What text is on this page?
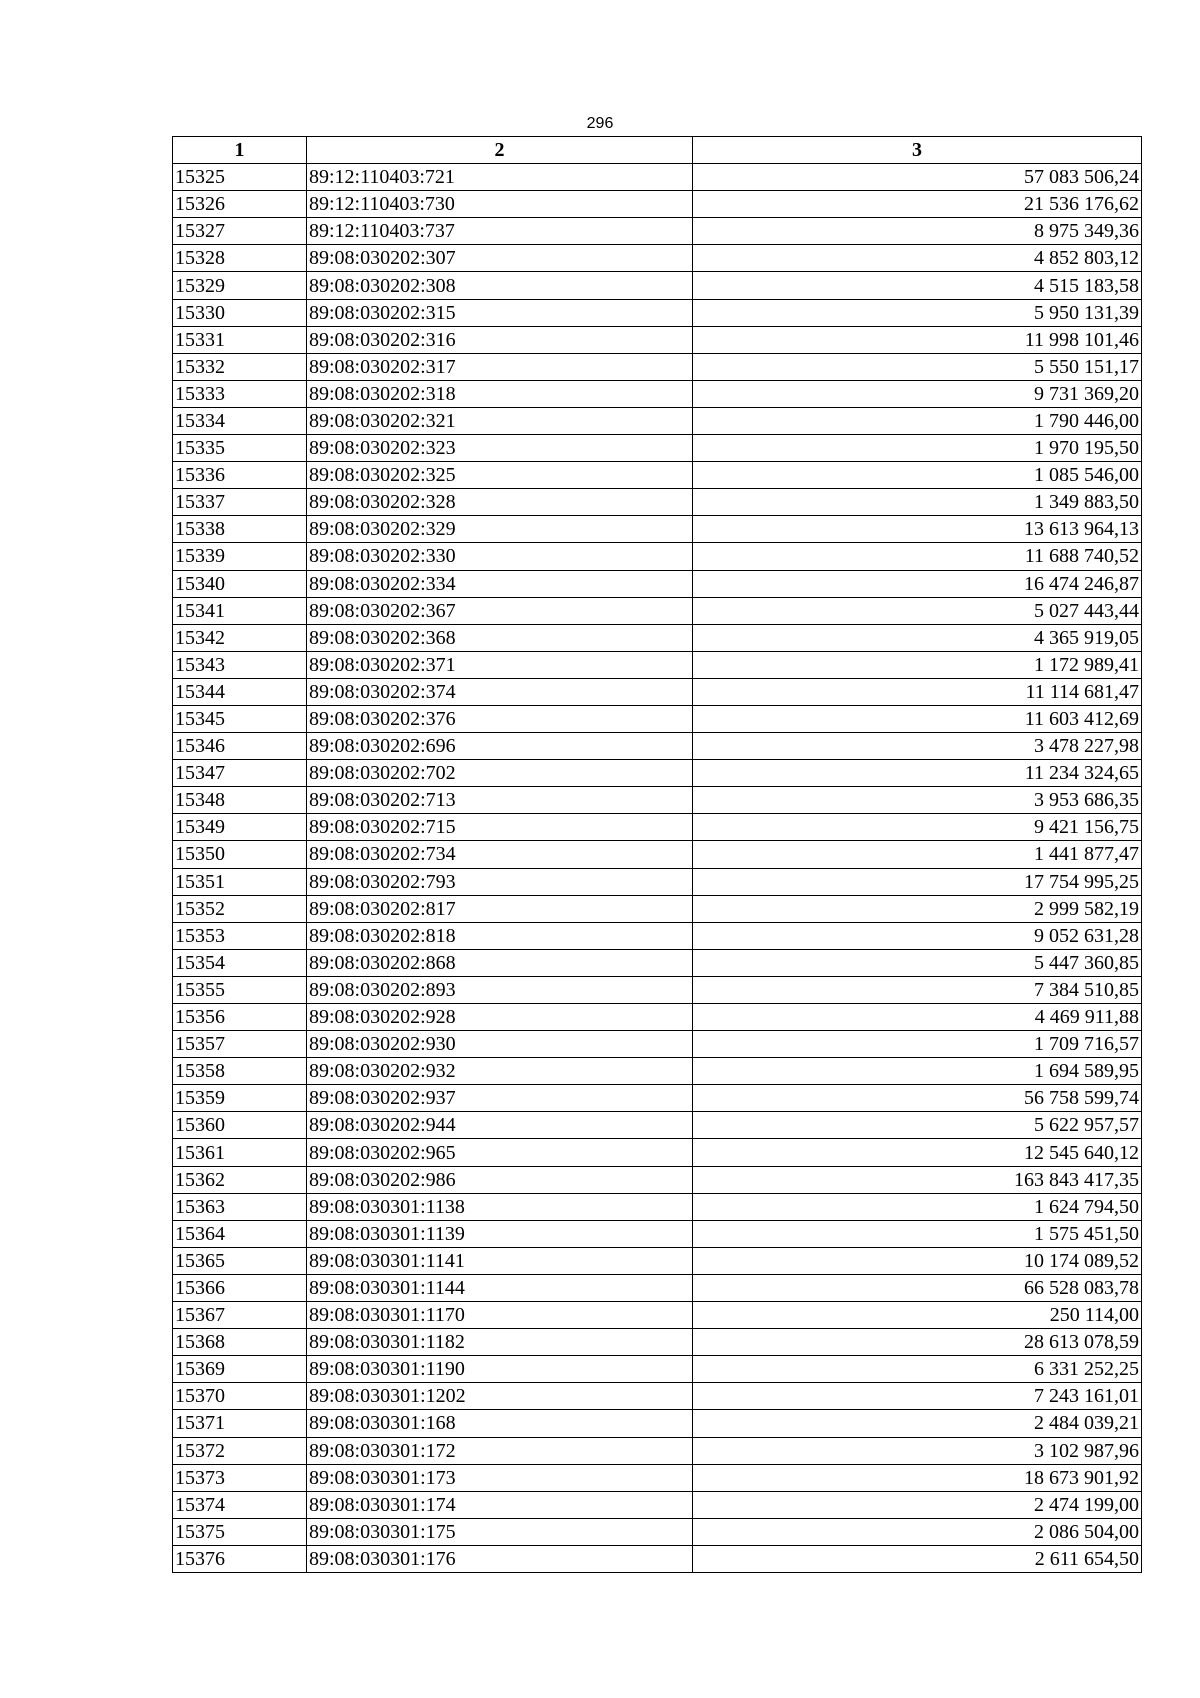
296
1	2	3
15325	89:12:110403:721	57 083 506,24
15326	89:12:110403:730	21 536 176,62
15327	89:12:110403:737	8 975 349,36
15328	89:08:030202:307	4 852 803,12
15329	89:08:030202:308	4 515 183,58
15330	89:08:030202:315	5 950 131,39
15331	89:08:030202:316	11 998 101,46
15332	89:08:030202:317	5 550 151,17
15333	89:08:030202:318	9 731 369,20
15334	89:08:030202:321	1 790 446,00
15335	89:08:030202:323	1 970 195,50
15336	89:08:030202:325	1 085 546,00
15337	89:08:030202:328	1 349 883,50
15338	89:08:030202:329	13 613 964,13
15339	89:08:030202:330	11 688 740,52
15340	89:08:030202:334	16 474 246,87
15341	89:08:030202:367	5 027 443,44
15342	89:08:030202:368	4 365 919,05
15343	89:08:030202:371	1 172 989,41
15344	89:08:030202:374	11 114 681,47
15345	89:08:030202:376	11 603 412,69
15346	89:08:030202:696	3 478 227,98
15347	89:08:030202:702	11 234 324,65
15348	89:08:030202:713	3 953 686,35
15349	89:08:030202:715	9 421 156,75
15350	89:08:030202:734	1 441 877,47
15351	89:08:030202:793	17 754 995,25
15352	89:08:030202:817	2 999 582,19
15353	89:08:030202:818	9 052 631,28
15354	89:08:030202:868	5 447 360,85
15355	89:08:030202:893	7 384 510,85
15356	89:08:030202:928	4 469 911,88
15357	89:08:030202:930	1 709 716,57
15358	89:08:030202:932	1 694 589,95
15359	89:08:030202:937	56 758 599,74
15360	89:08:030202:944	5 622 957,57
15361	89:08:030202:965	12 545 640,12
15362	89:08:030202:986	163 843 417,35
15363	89:08:030301:1138	1 624 794,50
15364	89:08:030301:1139	1 575 451,50
15365	89:08:030301:1141	10 174 089,52
15366	89:08:030301:1144	66 528 083,78
15367	89:08:030301:1170	250 114,00
15368	89:08:030301:1182	28 613 078,59
15369	89:08:030301:1190	6 331 252,25
15370	89:08:030301:1202	7 243 161,01
15371	89:08:030301:168	2 484 039,21
15372	89:08:030301:172	3 102 987,96
15373	89:08:030301:173	18 673 901,92
15374	89:08:030301:174	2 474 199,00
15375	89:08:030301:175	2 086 504,00
15376	89:08:030301:176	2 611 654,50
